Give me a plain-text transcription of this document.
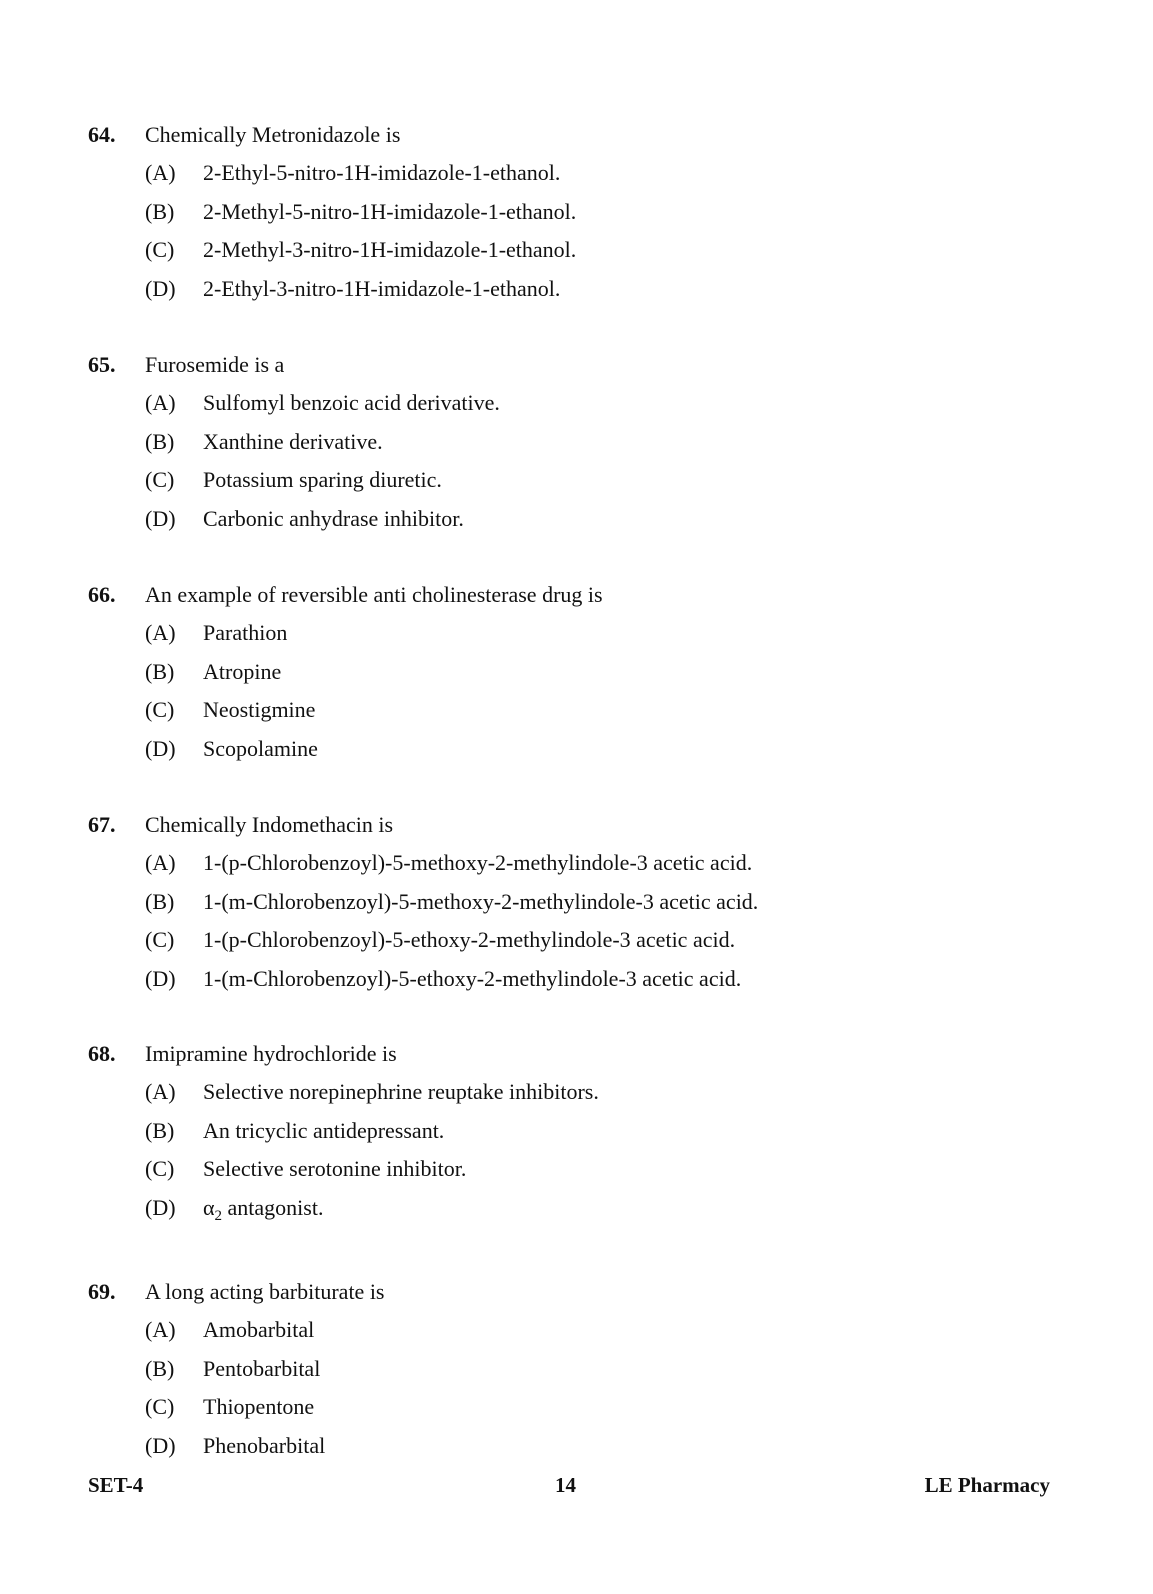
64. Chemically Metronidazole is
(A) 2-Ethyl-5-nitro-1H-imidazole-1-ethanol.
(B) 2-Methyl-5-nitro-1H-imidazole-1-ethanol.
(C) 2-Methyl-3-nitro-1H-imidazole-1-ethanol.
(D) 2-Ethyl-3-nitro-1H-imidazole-1-ethanol.
65. Furosemide is a
(A) Sulfomyl benzoic acid derivative.
(B) Xanthine derivative.
(C) Potassium sparing diuretic.
(D) Carbonic anhydrase inhibitor.
66. An example of reversible anti cholinesterase drug is
(A) Parathion
(B) Atropine
(C) Neostigmine
(D) Scopolamine
67. Chemically Indomethacin is
(A) 1-(p-Chlorobenzoyl)-5-methoxy-2-methylindole-3 acetic acid.
(B) 1-(m-Chlorobenzoyl)-5-methoxy-2-methylindole-3 acetic acid.
(C) 1-(p-Chlorobenzoyl)-5-ethoxy-2-methylindole-3 acetic acid.
(D) 1-(m-Chlorobenzoyl)-5-ethoxy-2-methylindole-3 acetic acid.
68. Imipramine hydrochloride is
(A) Selective norepinephrine reuptake inhibitors.
(B) An tricyclic antidepressant.
(C) Selective serotonine inhibitor.
(D) $\alpha_2$ antagonist.
69. A long acting barbiturate is
(A) Amobarbital
(B) Pentobarbital
(C) Thiopentone
(D) Phenobarbital
SET-4	14	LE Pharmacy
